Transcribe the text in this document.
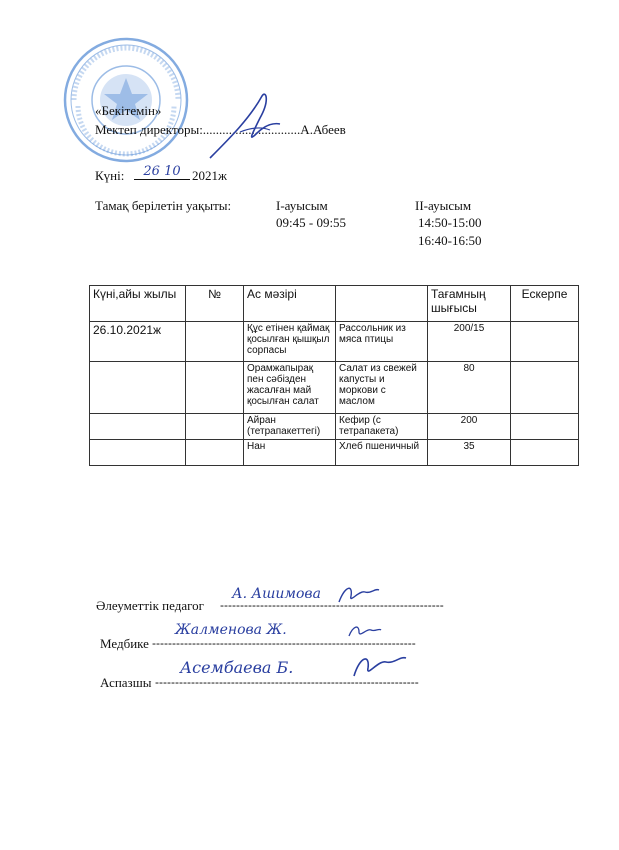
«Бекітемін»
Мектеп директоры:..............................А.Абеев
Күні:	26 10 2021ж
Тамақ берілетін уақыты:	І-ауысым
09:45 - 09:55
ІІ-ауысым
14:50-15:00
16:40-16:50
Күні,айы жылы	№	Ас мәзірі		Тағамның шығысы	Ескерпе
26.10.2021ж		Құс етінен қаймақ қосылған қышқыл сорпасы	Рассольник из мяса птицы	200/15	
		Орамжапырақ пен сәбізден жасалған май қосылған салат	Салат из свежей капусты и моркови с маслом	80	
		Айран (тетрапакеттегі)	Кефир (с тетрапакета)	200	
		Нан	Хлеб пшеничный	35	
Әлеуметтік педагог --------------------------------------------------------
А. Ашимова
Медбике ------------------------------------------------------------------
Жалменова Ж.
Аспазшы ------------------------------------------------------------------
Асембаева Б.
